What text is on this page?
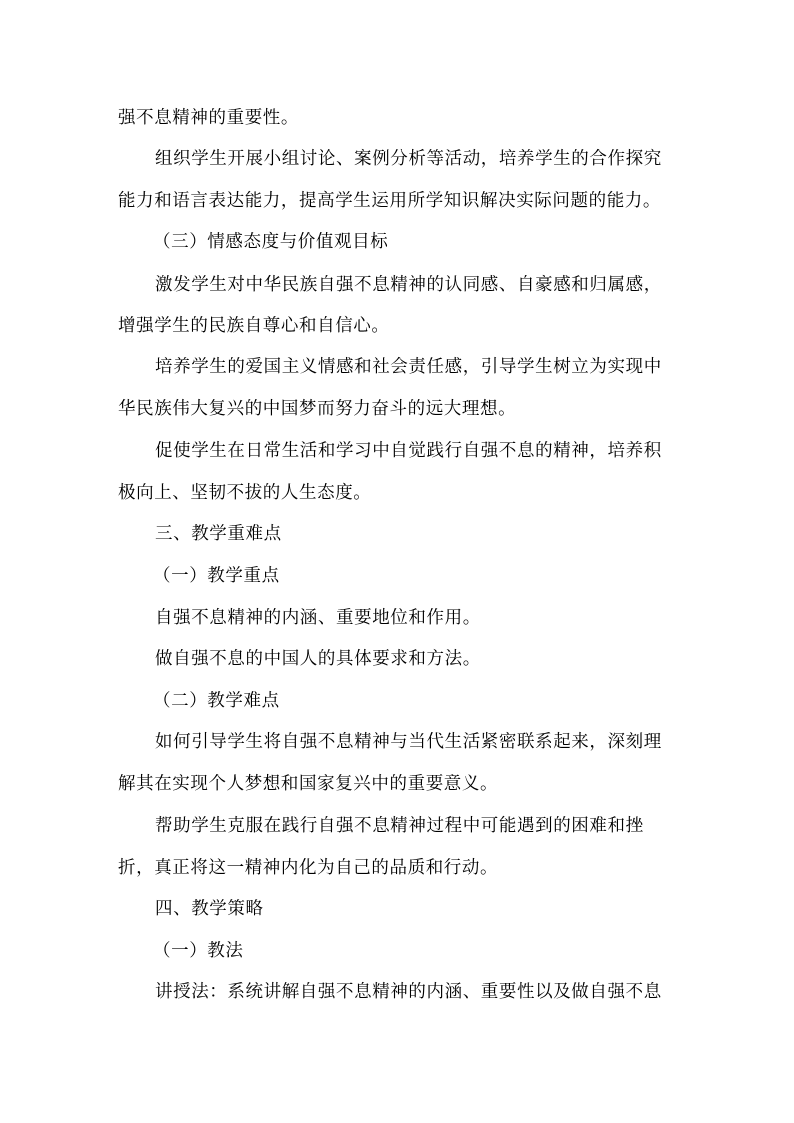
强不息精神的重要性。
组织学生开展小组讨论、案例分析等活动，培养学生的合作探究
能力和语言表达能力，提高学生运用所学知识解决实际问题的能力。
（三）情感态度与价值观目标
激发学生对中华民族自强不息精神的认同感、自豪感和归属感，
增强学生的民族自尊心和自信心。
培养学生的爱国主义情感和社会责任感，引导学生树立为实现中
华民族伟大复兴的中国梦而努力奋斗的远大理想。
促使学生在日常生活和学习中自觉践行自强不息的精神，培养积
极向上、坚韧不拔的人生态度。
三、教学重难点
（一）教学重点
自强不息精神的内涵、重要地位和作用。
做自强不息的中国人的具体要求和方法。
（二）教学难点
如何引导学生将自强不息精神与当代生活紧密联系起来，深刻理
解其在实现个人梦想和国家复兴中的重要意义。
帮助学生克服在践行自强不息精神过程中可能遇到的困难和挫
折，真正将这一精神内化为自己的品质和行动。
四、教学策略
（一）教法
讲授法：系统讲解自强不息精神的内涵、重要性以及做自强不息
